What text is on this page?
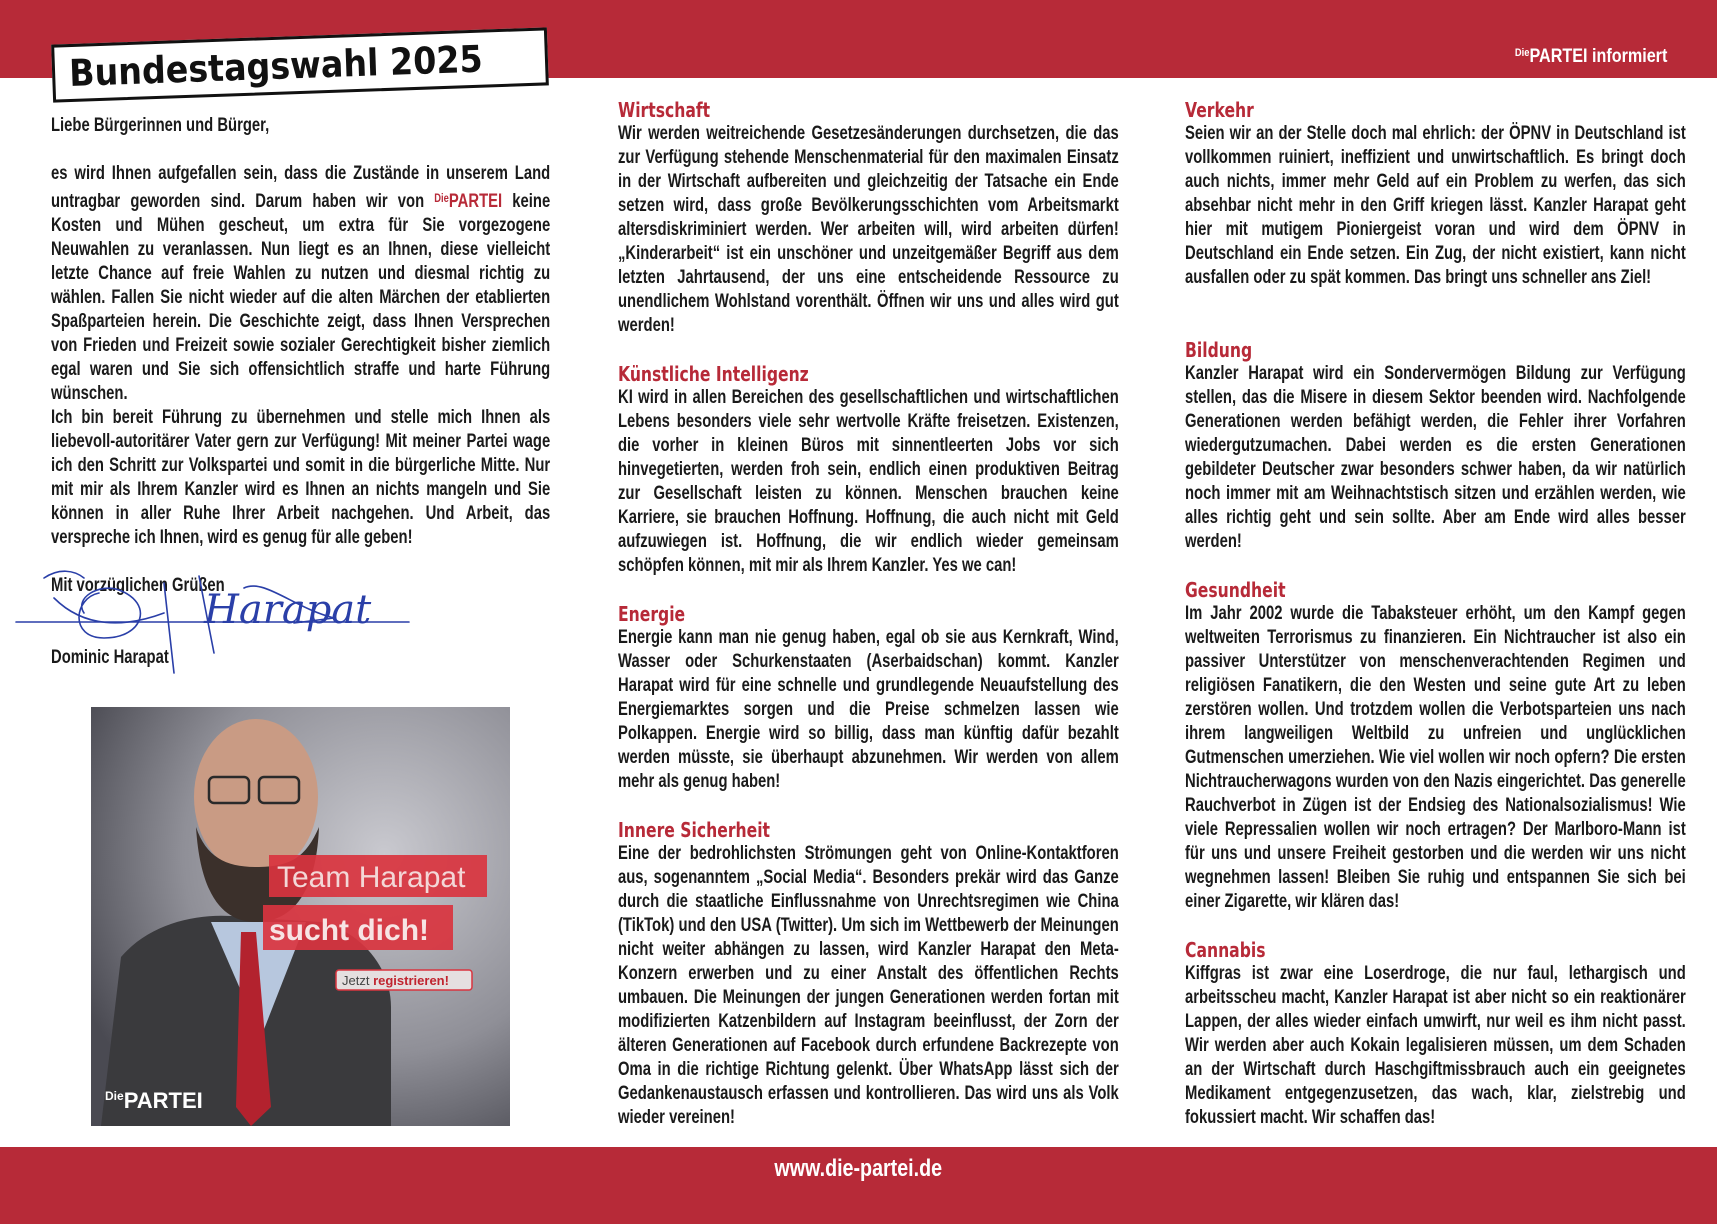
$^{Die}$PARTEI informiert
Bundestagswahl 2025

Liebe Bürgerinnen und Bürger,

es wird Ihnen aufgefallen sein, dass die Zustände in unserem Land untragbar geworden sind. Darum haben wir von $^{Die}$PARTEI keine Kosten und Mühen gescheut, um extra für Sie vorgezogene Neuwahlen zu veranlassen. Nun liegt es an Ihnen, diese vielleicht letzte Chance auf freie Wahlen zu nutzen und diesmal richtig zu wählen. Fallen Sie nicht wieder auf die alten Märchen der etablierten Spaßparteien herein. Die Geschichte zeigt, dass Ihnen Versprechen von Frieden und Freizeit sowie sozialer Gerechtigkeit bisher ziemlich egal waren und Sie sich offensichtlich straffe und harte Führung wünschen.

Ich bin bereit Führung zu übernehmen und stelle mich Ihnen als liebevoll-autoritärer Vater gern zur Verfügung! Mit meiner Partei wage ich den Schritt zur Volkspartei und somit in die bürgerliche Mitte. Nur mit mir als Ihrem Kanzler wird es Ihnen an nichts mangeln und Sie können in aller Ruhe Ihrer Arbeit nachgehen. Und Arbeit, das verspreche ich Ihnen, wird es genug für alle geben!

Mit vorzüglichen Grüßen

Dominic Harapat

Harapat
Team Harapat
sucht dich!
Jetzt registrieren!
$^{Die}$PARTEI
Wirtschaft

Wir werden weitreichende Gesetzesänderungen durchsetzen, die das zur Verfügung stehende Menschenmaterial für den maximalen Einsatz in der Wirtschaft aufbereiten und gleichzeitig der Tatsache ein Ende setzen wird, dass große Bevölkerungsschichten vom Arbeitsmarkt altersdiskriminiert werden. Wer arbeiten will, wird arbeiten dürfen! „Kinderarbeit“ ist ein unschöner und unzeitgemäßer Begriff aus dem letzten Jahrtausend, der uns eine entscheidende Ressource zu unendlichem Wohlstand vorenthält. Öffnen wir uns und alles wird gut werden!

Künstliche Intelligenz

KI wird in allen Bereichen des gesellschaftlichen und wirtschaftlichen Lebens besonders viele sehr wertvolle Kräfte freisetzen. Existenzen, die vorher in kleinen Büros mit sinnentleerten Jobs vor sich hinvegetierten, werden froh sein, endlich einen produktiven Beitrag zur Gesellschaft leisten zu können. Menschen brauchen keine Karriere, sie brauchen Hoffnung. Hoffnung, die auch nicht mit Geld aufzuwiegen ist. Hoffnung, die wir endlich wieder gemeinsam schöpfen können, mit mir als Ihrem Kanzler. Yes we can!

Energie

Energie kann man nie genug haben, egal ob sie aus Kernkraft, Wind, Wasser oder Schurkenstaaten (Aserbaidschan) kommt. Kanzler Harapat wird für eine schnelle und grundlegende Neuaufstellung des Energiemarktes sorgen und die Preise schmelzen lassen wie Polkappen. Energie wird so billig, dass man künftig dafür bezahlt werden müsste, sie überhaupt abzunehmen. Wir werden von allem mehr als genug haben!

Innere Sicherheit

Eine der bedrohlichsten Strömungen geht von Online-Kontaktforen aus, sogenanntem „Social Media“. Besonders prekär wird das Ganze durch die staatliche Einflussnahme von Unrechtsregimen wie China (TikTok) und den USA (Twitter). Um sich im Wettbewerb der Meinungen nicht weiter abhängen zu lassen, wird Kanzler Harapat den Meta-Konzern erwerben und zu einer Anstalt des öffentlichen Rechts umbauen. Die Meinungen der jungen Generationen werden fortan mit modifizierten Katzenbildern auf Instagram beeinflusst, der Zorn der älteren Generationen auf Facebook durch erfundene Backrezepte von Oma in die richtige Richtung gelenkt. Über WhatsApp lässt sich der Gedankenaustausch erfassen und kontrollieren. Das wird uns als Volk wieder vereinen!

Verkehr

Seien wir an der Stelle doch mal ehrlich: der ÖPNV in Deutschland ist vollkommen ruiniert, ineffizient und unwirtschaftlich. Es bringt doch auch nichts, immer mehr Geld auf ein Problem zu werfen, das sich absehbar nicht mehr in den Griff kriegen lässt. Kanzler Harapat geht hier mit mutigem Pioniergeist voran und wird dem ÖPNV in Deutschland ein Ende setzen. Ein Zug, der nicht existiert, kann nicht ausfallen oder zu spät kommen. Das bringt uns schneller ans Ziel!

Bildung

Kanzler Harapat wird ein Sondervermögen Bildung zur Verfügung stellen, das die Misere in diesem Sektor beenden wird. Nachfolgende Generationen werden befähigt werden, die Fehler ihrer Vorfahren wiedergutzumachen. Dabei werden es die ersten Generationen gebildeter Deutscher zwar besonders schwer haben, da wir natürlich noch immer mit am Weihnachtstisch sitzen und erzählen werden, wie alles richtig geht und sein sollte. Aber am Ende wird alles besser werden!

Gesundheit

Im Jahr 2002 wurde die Tabaksteuer erhöht, um den Kampf gegen weltweiten Terrorismus zu finanzieren. Ein Nichtraucher ist also ein passiver Unterstützer von menschenverachtenden Regimen und religiösen Fanatikern, die den Westen und seine gute Art zu leben zerstören wollen. Und trotzdem wollen die Verbotsparteien uns nach ihrem langweiligen Weltbild zu unfreien und unglücklichen Gutmenschen umerziehen. Wie viel wollen wir noch opfern? Die ersten Nichtraucherwagons wurden von den Nazis eingerichtet. Das generelle Rauchverbot in Zügen ist der Endsieg des Nationalsozialismus! Wie viele Repressalien wollen wir noch ertragen? Der Marlboro-Mann ist für uns und unsere Freiheit gestorben und die werden wir uns nicht wegnehmen lassen! Bleiben Sie ruhig und entspannen Sie sich bei einer Zigarette, wir klären das!

Cannabis

Kiffgras ist zwar eine Loserdroge, die nur faul, lethargisch und arbeitsscheu macht, Kanzler Harapat ist aber nicht so ein reaktionärer Lappen, der alles wieder einfach umwirft, nur weil es ihm nicht passt. Wir werden aber auch Kokain legalisieren müssen, um dem Schaden an der Wirtschaft durch Haschgiftmissbrauch auch ein geeignetes Medikament entgegenzusetzen, das wach, klar, zielstrebig und fokussiert macht. Wir schaffen das!

www.die-partei.de
